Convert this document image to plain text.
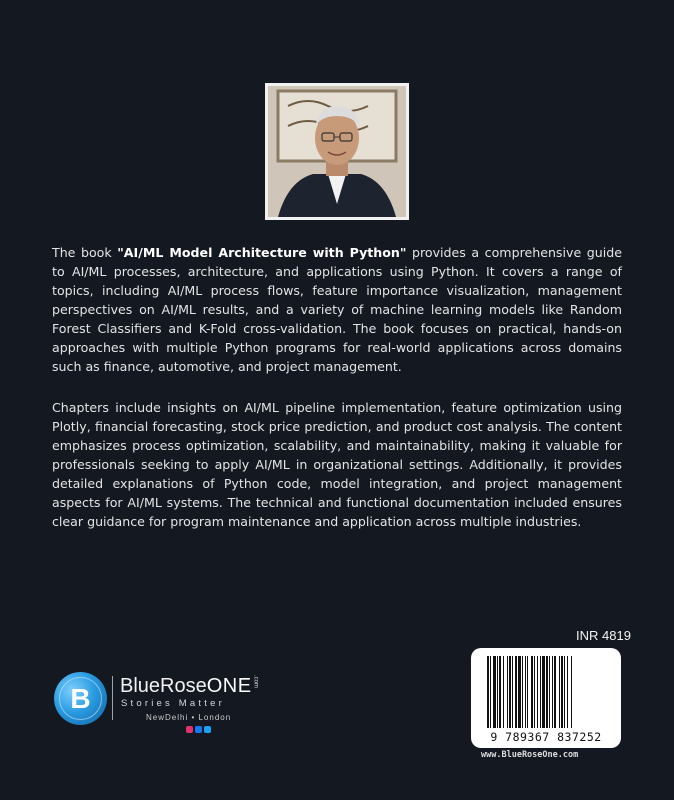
The book "AI/ML Model Architecture with Python" provides a comprehensive guide to AI/ML processes, architecture, and applications using Python. It covers a range of topics, including AI/ML process flows, feature importance visualization, management perspectives on AI/ML results, and a variety of machine learning models like Random Forest Classifiers and K-Fold cross-validation. The book focuses on practical, hands-on approaches with multiple Python programs for real-world applications across domains such as finance, automotive, and project management.

Chapters include insights on AI/ML pipeline implementation, feature optimization using Plotly, financial forecasting, stock price prediction, and product cost analysis. The content emphasizes process optimization, scalability, and maintainability, making it valuable for professionals seeking to apply AI/ML in organizational settings. Additionally, it provides detailed explanations of Python code, model integration, and project management aspects for AI/ML systems. The technical and functional documentation included ensures clear guidance for program maintenance and application across multiple industries.

B BlueRoseONE.com
Stories Matter
NewDelhi • London
INR 4819
9 789367 837252
www.BlueRoseOne.com
